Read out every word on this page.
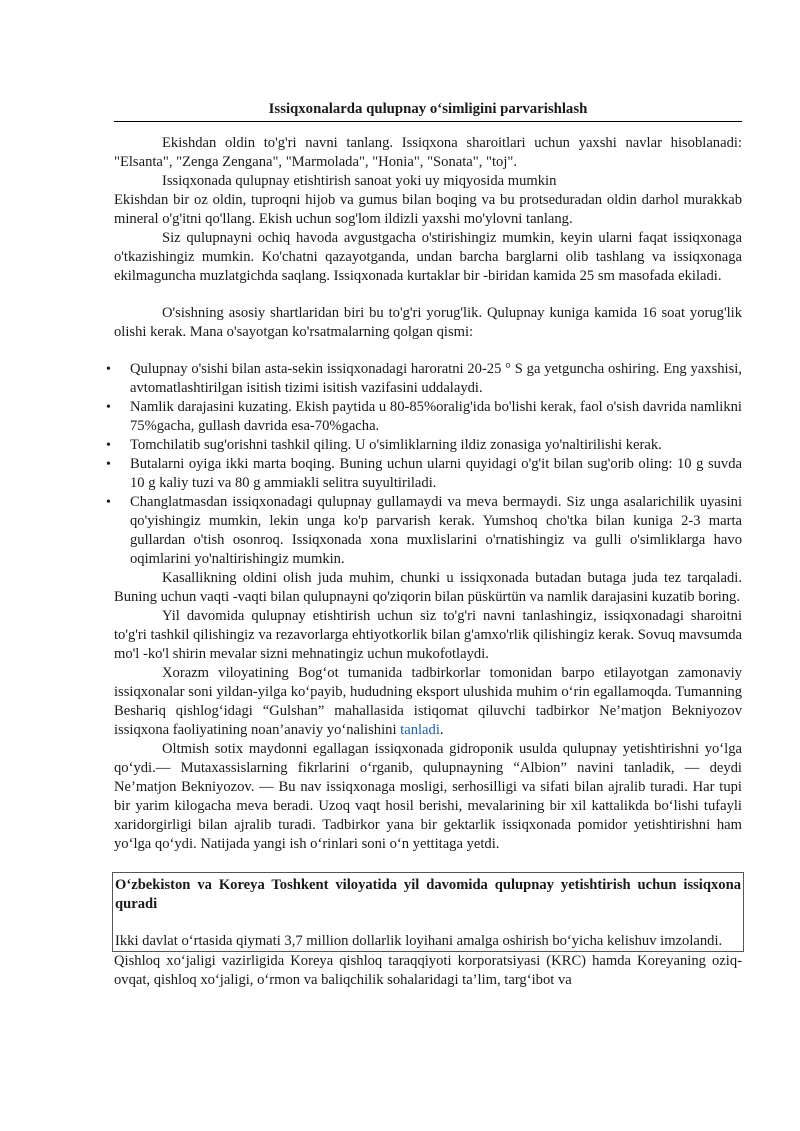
Issiqxonalarda qulupnay o‘simligini parvarishlash

Ekishdan oldin to'g'ri navni tanlang. Issiqxona sharoitlari uchun yaxshi navlar hisoblanadi: "Elsanta", "Zenga Zengana", "Marmolada", "Honia", "Sonata", "toj".

Issiqxonada qulupnay etishtirish sanoat yoki uy miqyosida mumkin

Ekishdan bir oz oldin, tuproqni hijob va gumus bilan boqing va bu protseduradan oldin darhol murakkab mineral o'g'itni qo'llang. Ekish uchun sog'lom ildizli yaxshi mo'ylovni tanlang.

Siz qulupnayni ochiq havoda avgustgacha o'stirishingiz mumkin, keyin ularni faqat issiqxonaga o'tkazishingiz mumkin. Ko'chatni qazayotganda, undan barcha barglarni olib tashlang va issiqxonaga ekilmaguncha muzlatgichda saqlang. Issiqxonada kurtaklar bir -biridan kamida 25 sm masofada ekiladi.

O'sishning asosiy shartlaridan biri bu to'g'ri yorug'lik. Qulupnay kuniga kamida 16 soat yorug'lik olishi kerak. Mana o'sayotgan ko'rsatmalarning qolgan qismi:

• Qulupnay o'sishi bilan asta-sekin issiqxonadagi haroratni 20-25 ° S ga yetguncha oshiring. Eng yaxshisi, avtomatlashtirilgan isitish tizimi isitish vazifasini uddalaydi.
• Namlik darajasini kuzating. Ekish paytida u 80-85%oralig'ida bo'lishi kerak, faol o'sish davrida namlikni 75%gacha, gullash davrida esa-70%gacha.
• Tomchilatib sug'orishni tashkil qiling. U o'simliklarning ildiz zonasiga yo'naltirilishi kerak.
• Butalarni oyiga ikki marta boqing. Buning uchun ularni quyidagi o'g'it bilan sug'orib oling: 10 g suvda 10 g kaliy tuzi va 80 g ammiakli selitra suyultiriladi.
• Changlatmasdan issiqxonadagi qulupnay gullamaydi va meva bermaydi. Siz unga asalarichilik uyasini qo'yishingiz mumkin, lekin unga ko'p parvarish kerak. Yumshoq cho'tka bilan kuniga 2-3 marta gullardan o'tish osonroq. Issiqxonada xona muxlislarini o'rnatishingiz va gulli o'simliklarga havo oqimlarini yo'naltirishingiz mumkin.

Kasallikning oldini olish juda muhim, chunki u issiqxonada butadan butaga juda tez tarqaladi. Buning uchun vaqti -vaqti bilan qulupnayni qo'ziqorin bilan püskürtün va namlik darajasini kuzatib boring.

Yil davomida qulupnay etishtirish uchun siz to'g'ri navni tanlashingiz, issiqxonadagi sharoitni to'g'ri tashkil qilishingiz va rezavorlarga ehtiyotkorlik bilan g'amxo'rlik qilishingiz kerak. Sovuq mavsumda mo'l -ko'l shirin mevalar sizni mehnatingiz uchun mukofotlaydi.

Xorazm viloyatining Bog‘ot tumanida tadbirkorlar tomonidan barpo etilayotgan zamonaviy issiqxonalar soni yildan-yilga ko‘payib, hududning eksport ulushida muhim o‘rin egallamoqda. Tumanning Beshariq qishlog‘idagi “Gulshan” mahallasida istiqomat qiluvchi tadbirkor Ne’matjon Bekniyozov issiqxona faoliyatining noan’anaviy yo‘nalishini tanladi.

Oltmish sotix maydonni egallagan issiqxonada gidroponik usulda qulupnay yetishtirishni yo‘lga qo‘ydi.— Mutaxassislarning fikrlarini o‘rganib, qulupnayning “Albion” navini tanladik, — deydi Ne’matjon Bekniyozov. — Bu nav issiqxonaga mosligi, serhosilligi va sifati bilan ajralib turadi. Har tupi bir yarim kilogacha meva beradi. Uzoq vaqt hosil berishi, mevalarining bir xil kattalikda bo‘lishi tufayli xaridorgirligi bilan ajralib turadi. Tadbirkor yana bir gektarlik issiqxonada pomidor yetishtirishni ham yo‘lga qo‘ydi. Natijada yangi ish o‘rinlari soni o‘n yettitaga yetdi.

O‘zbekiston va Koreya Toshkent viloyatida yil davomida qulupnay yetishtirish uchun issiqxona quradi
Ikki davlat o‘rtasida qiymati 3,7 million dollarlik loyihani amalga oshirish bo‘yicha kelishuv imzolandi.

Qishloq xo‘jaligi vazirligida Koreya qishloq taraqqiyoti korporatsiyasi (KRC) hamda Koreyaning oziq-ovqat, qishloq xo‘jaligi, o‘rmon va baliqchilik sohalaridagi ta’lim, targ‘ibot va
